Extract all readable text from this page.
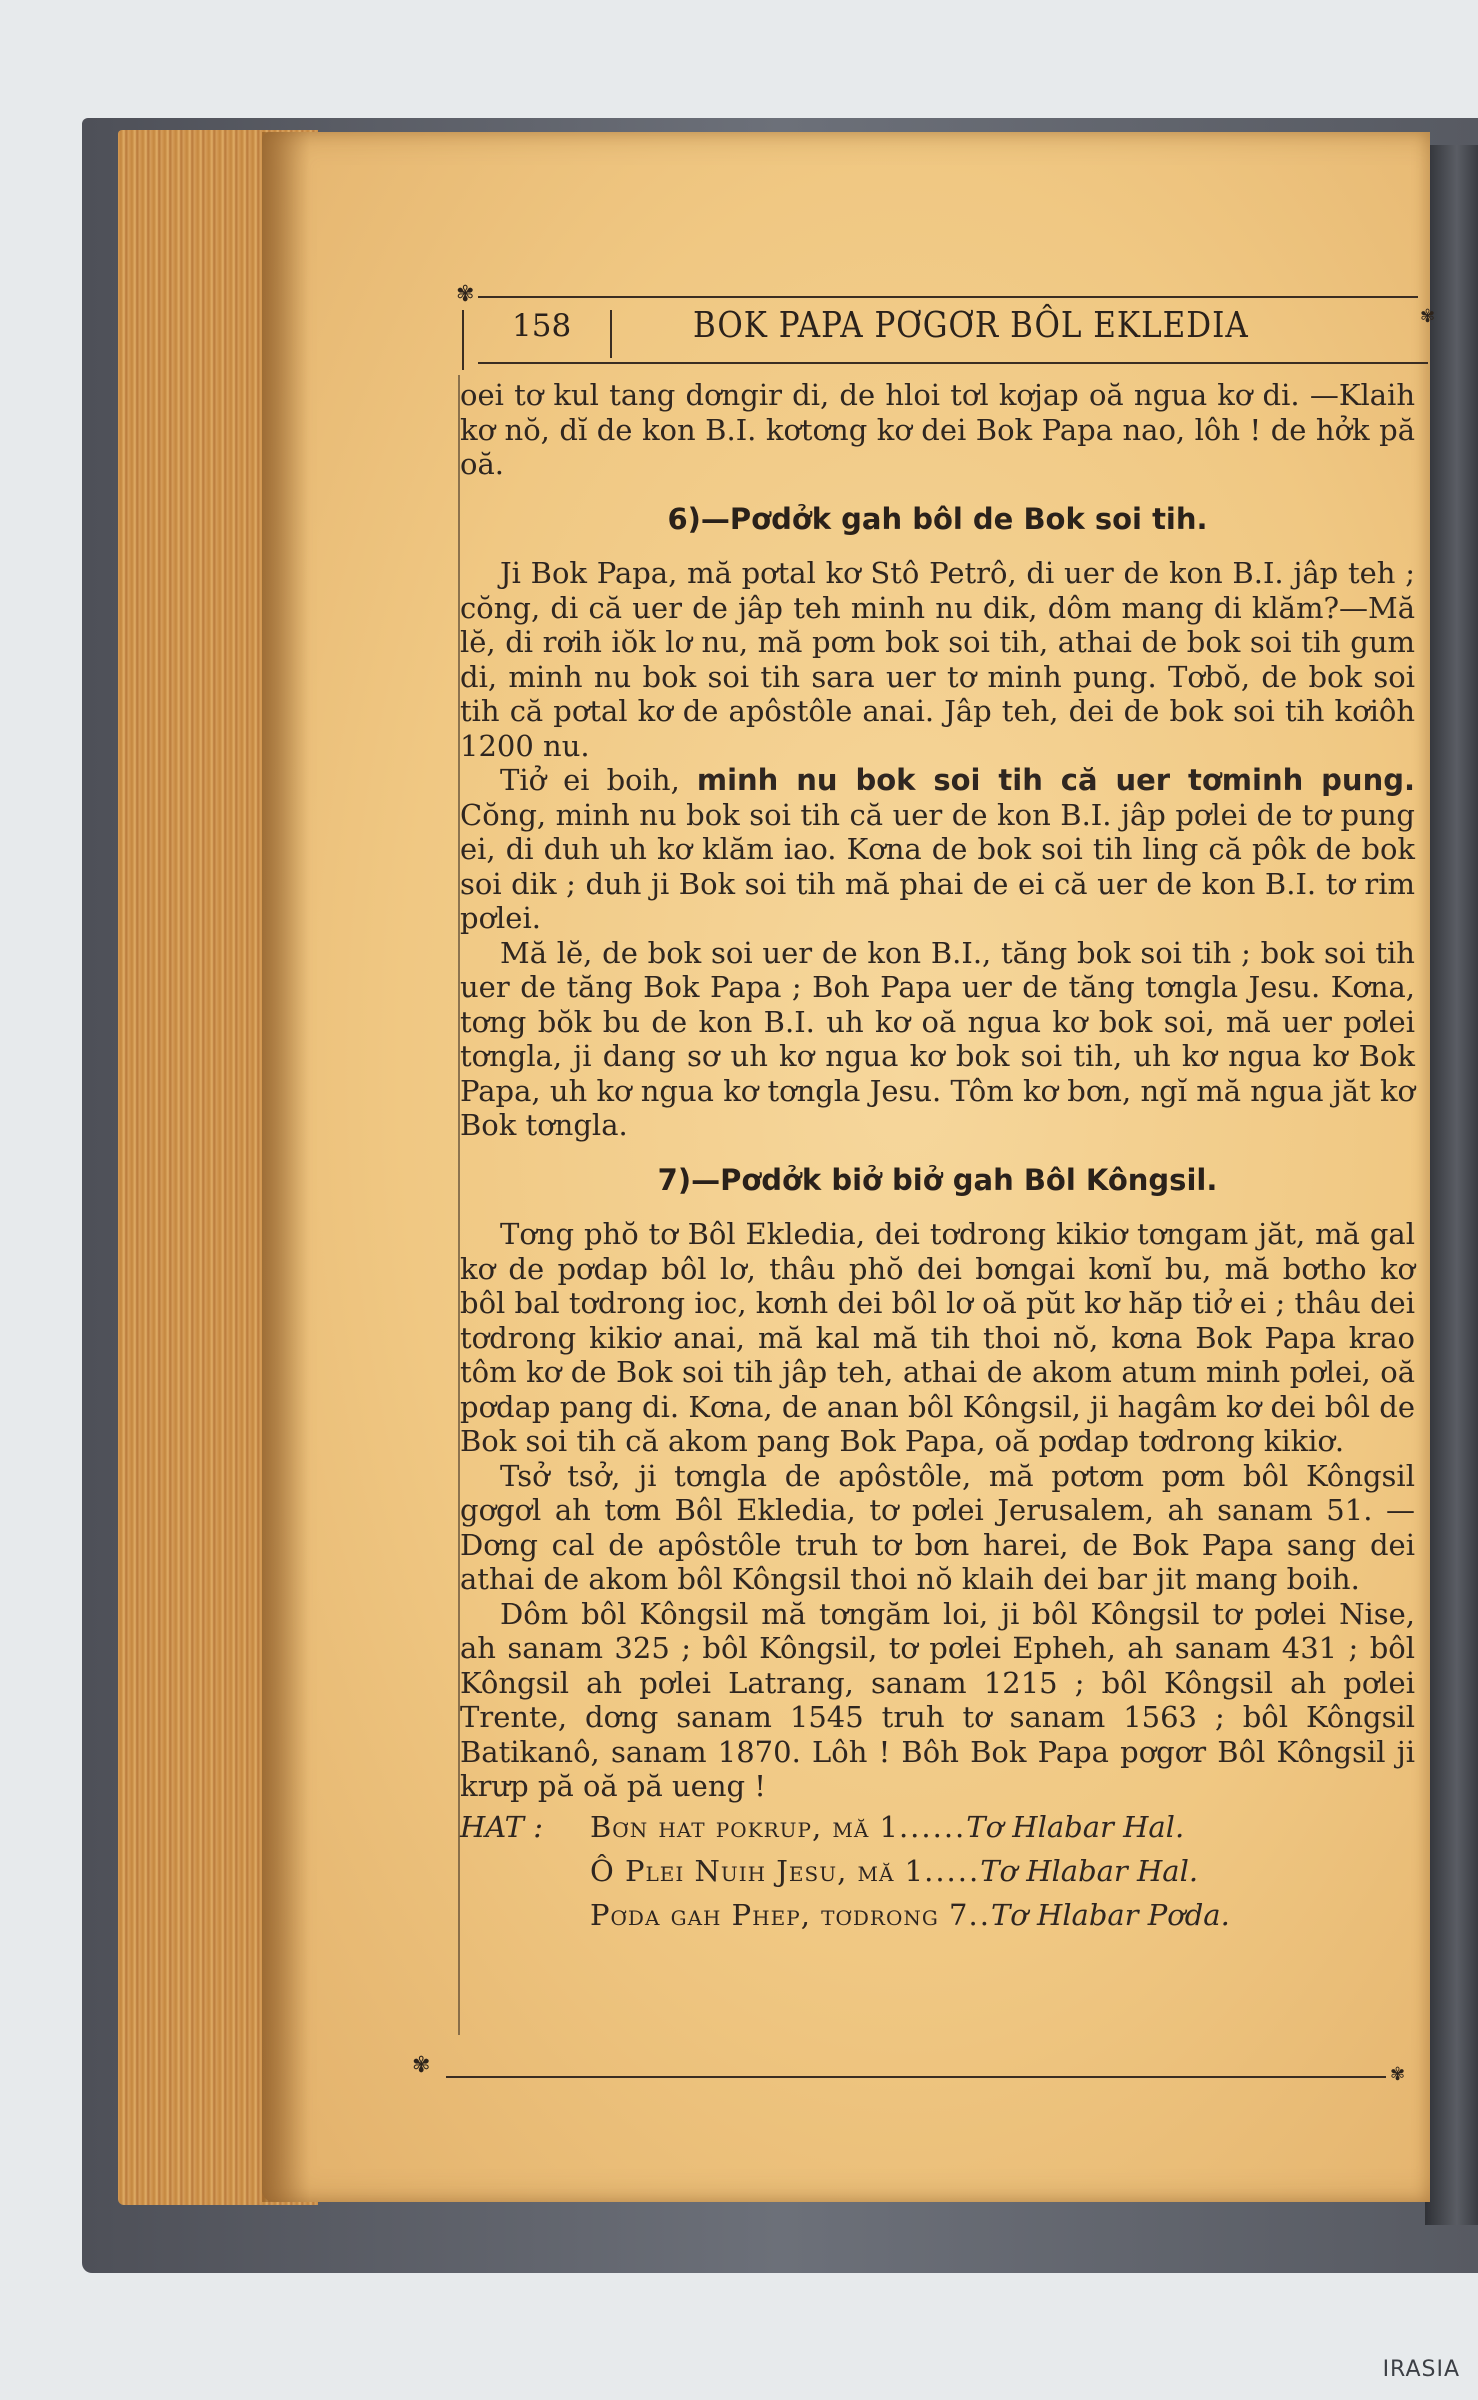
✾
✾
158	BOK PAPA PƠGƠR BÔL EKLEDIA

oei tơ kul tang dơngir di, de hloi tơl kơjap oă ngua kơ di. —Klaih kơ nŏ, dĭ de kon B.I. kơtơng kơ dei Bok Papa nao, lôh ! de hởk pă oă.

6)—Pơdởk gah bôl de Bok soi tih.

Ji Bok Papa, mă pơtal kơ Stô Petrô, di uer de kon B.I. jâp teh ; cŏng, di că uer de jâp teh minh nu dik, dôm mang di klăm?—Mă lĕ, di rơih iŏk lơ nu, mă pơm bok soi tih, athai de bok soi tih gum di, minh nu bok soi tih sara uer tơ minh pung. Tơbŏ, de bok soi tih că pơtal kơ de apôstôle anai. Jâp teh, dei de bok soi tih kơiôh 1200 nu.

Tiở ei boih, minh nu bok soi tih că uer tơminh pung. Cŏng, minh nu bok soi tih că uer de kon B.I. jâp pơlei de tơ pung ei, di duh uh kơ klăm iao. Kơna de bok soi tih ling că pôk de bok soi dik ; duh ji Bok soi tih mă phai de ei că uer de kon B.I. tơ rim pơlei.

Mă lĕ, de bok soi uer de kon B.I., tăng bok soi tih ; bok soi tih uer de tăng Bok Papa ; Boh Papa uer de tăng tơngla Jesu. Kơna, tơng bŏk bu de kon B.I. uh kơ oă ngua kơ bok soi, mă uer pơlei tơngla, ji dang sơ uh kơ ngua kơ bok soi tih, uh kơ ngua kơ Bok Papa, uh kơ ngua kơ tơngla Jesu. Tôm kơ bơn, ngĭ mă ngua jăt kơ Bok tơngla.

7)—Pơdởk biở biở gah Bôl Kôngsil.

Tơng phŏ tơ Bôl Ekledia, dei tơdrong kikiơ tơngam jăt, mă gal kơ de pơdap bôl lơ, thâu phŏ dei bơngai kơnĭ bu, mă bơtho kơ bôl bal tơdrong ioc, kơnh dei bôl lơ oă pŭt kơ hăp tiở ei ; thâu dei tơdrong kikiơ anai, mă kal mă tih thoi nŏ, kơna Bok Papa krao tôm kơ de Bok soi tih jâp teh, athai de akom atum minh pơlei, oă pơdap pang di. Kơna, de anan bôl Kôngsil, ji hagâm kơ dei bôl de Bok soi tih că akom pang Bok Papa, oă pơdap tơdrong kikiơ.

Tsở tsở, ji tơngla de apôstôle, mă pơtơm pơm bôl Kôngsil gơgơl ah tơm Bôl Ekledia, tơ pơlei Jerusalem, ah sanam 51. —Dơng cal de apôstôle truh tơ bơn harei, de Bok Papa sang dei athai de akom bôl Kôngsil thoi nŏ klaih dei bar jit mang boih.

Dôm bôl Kôngsil mă tơngăm loi, ji bôl Kôngsil tơ pơlei Nise, ah sanam 325 ; bôl Kôngsil, tơ pơlei Epheh, ah sanam 431 ; bôl Kôngsil ah pơlei Latrang, sanam 1215 ; bôl Kôngsil ah pơlei Trente, dơng sanam 1545 truh tơ sanam 1563 ; bôl Kôngsil Batikanô, sanam 1870. Lôh ! Bôh Bok Papa pơgơr Bôl Kôngsil ji krưp pă oă pă ueng !

HAT :	Bơn hat pokrup, mă 1 ...... Tơ Hlabar Hal.
Ô Plei Nuih Jesu, mă 1 ..... Tơ Hlabar Hal.
Pơda gah Phep, tơdrong 7 .. Tơ Hlabar Pơda.
✾	✾
IRASIA
